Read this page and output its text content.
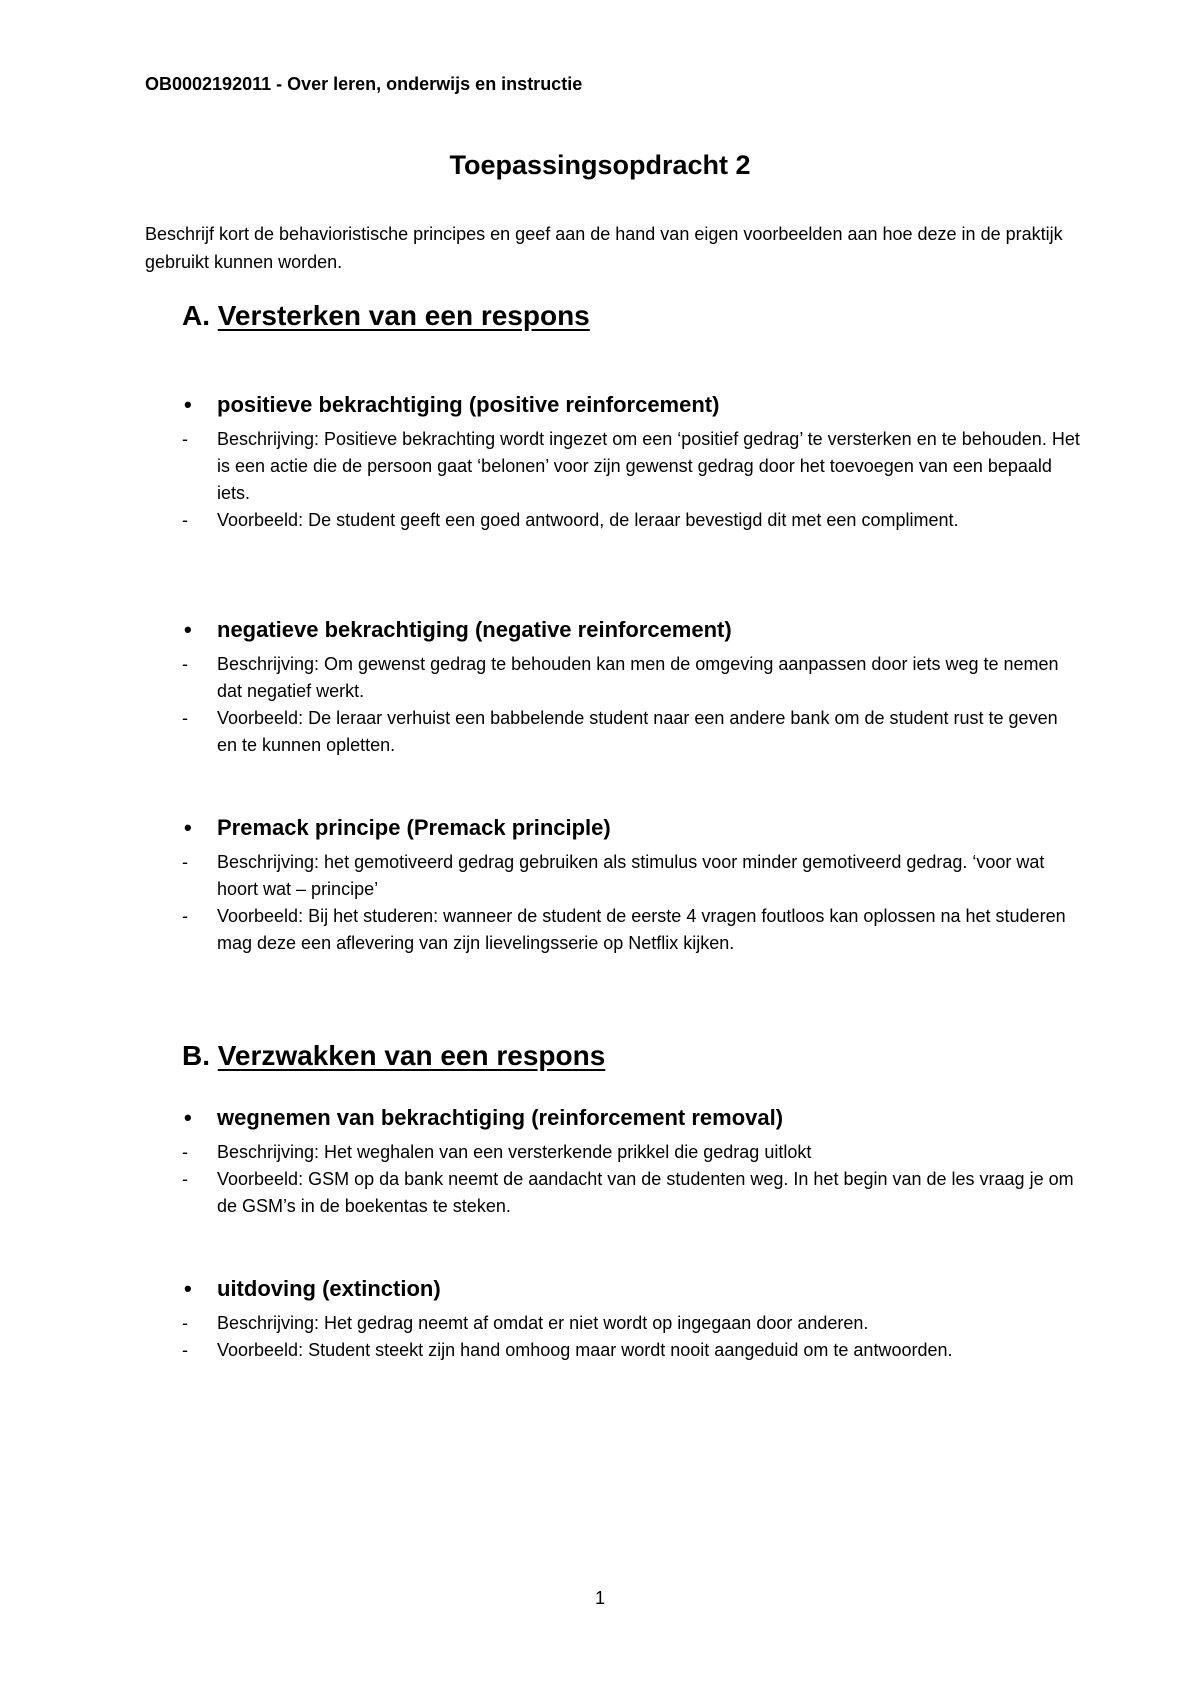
OB0002192011 - Over leren, onderwijs en instructie
Toepassingsopdracht 2

Beschrijf kort de behavioristische principes en geef aan de hand van eigen voorbeelden aan hoe deze in de praktijk gebruikt kunnen worden.

A. Versterken van een respons
• positieve bekrachtiging (positive reinforcement)

- Beschrijving: Positieve bekrachting wordt ingezet om een ‘positief gedrag’ te versterken en te behouden. Het is een actie die de persoon gaat ‘belonen’ voor zijn gewenst gedrag door het toevoegen van een bepaald iets.

- Voorbeeld: De student geeft een goed antwoord, de leraar bevestigd dit met een compliment.

• negatieve bekrachtiging (negative reinforcement)

- Beschrijving: Om gewenst gedrag te behouden kan men de omgeving aanpassen door iets weg te nemen dat negatief werkt.

- Voorbeeld: De leraar verhuist een babbelende student naar een andere bank om de student rust te geven en te kunnen opletten.

• Premack principe (Premack principle)

- Beschrijving: het gemotiveerd gedrag gebruiken als stimulus voor minder gemotiveerd gedrag. ‘voor wat hoort wat – principe’

- Voorbeeld: Bij het studeren: wanneer de student de eerste 4 vragen foutloos kan oplossen na het studeren mag deze een aflevering van zijn lievelingsserie op Netflix kijken.

B. Verzwakken van een respons
• wegnemen van bekrachtiging (reinforcement removal)

- Beschrijving: Het weghalen van een versterkende prikkel die gedrag uitlokt

- Voorbeeld: GSM op da bank neemt de aandacht van de studenten weg. In het begin van de les vraag je om de GSM’s in de boekentas te steken.

• uitdoving (extinction)

- Beschrijving: Het gedrag neemt af omdat er niet wordt op ingegaan door anderen.

- Voorbeeld: Student steekt zijn hand omhoog maar wordt nooit aangeduid om te antwoorden.

1
